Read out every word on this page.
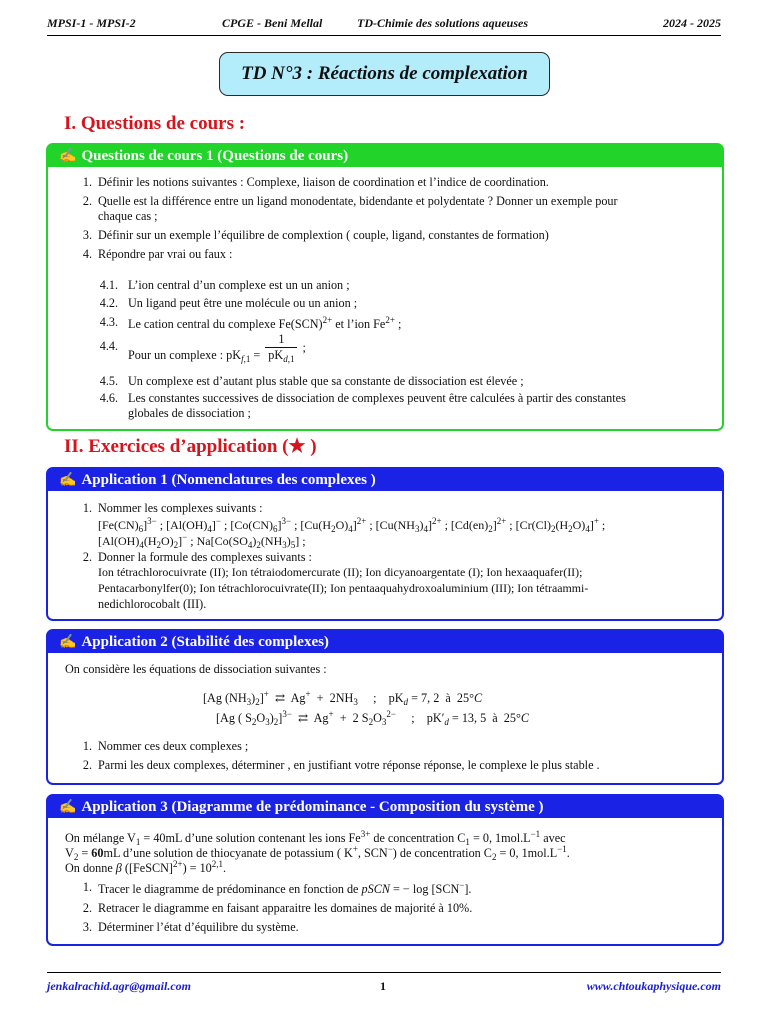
MPSI-1 - MPSI-2	CPGE - Beni Mellal	TD-Chimie des solutions aqueuses	2024 - 2025
TD N°3 : Réactions de complexation
I. Questions de cours :
✍ Questions de cours 1 (Questions de cours)
1. Définir les notions suivantes : Complexe, liaison de coordination et l’indice de coordination.
2. Quelle est la différence entre un ligand monodentate, bidendante et polydentate ? Donner un exemple pour
chaque cas ;
3. Définir sur un exemple l’équilibre de complextion ( couple, ligand, constantes de formation)
4. Répondre par vrai ou faux :
4.1. L’ion central d’un complexe est un un anion ;
4.2. Un ligand peut être une molécule ou un anion ;
4.3. Le cation central du complexe Fe(SCN)$^{2+}$ et l’ion $Fe^{2+}$ ;
4.4.
Pour un complexe : $pK_{f,1} = \frac{1}{pK_{d,1}}$ ;
4.5. Un complexe est d’autant plus stable que sa constante de dissociation est élevée ;
4.6. Les constantes successives de dissociation de complexes peuvent être calculées à partir des constantes
globales de dissociation ;
II. Exercices d’application (★ )
✍ Application 1 (Nomenclatures des complexes )
1. Nommer les complexes suivants :
$[Fe(CN)_6]^{3-}$ ; $[Al(OH)_4]^-$ ; $[Co(CN)_6]^{3-}$ ; $[Cu(H_2O)_4]^{2+}$ ; $[Cu(NH_3)_4]^{2+}$ ; $[Cd(en)_2]^{2+}$ ; $[Cr(Cl)_2(H_2O)_4]^+$ ;
$[Al(OH)_4(H_2O)_2]^-$ ; $Na[Co(SO_4)_2(NH_3)_5]$ ;
2. Donner la formule des complexes suivants :
Ion tétrachlorocuivrate (II); Ion tétraiodomercurate (II); Ion dicyanoargentate (I); Ion hexaaquafer(II);
Pentacarbonylfer(0); Ion tétrachlorocuivrate(II); Ion pentaaquahydroxoaluminium (III); Ion tétraammi-
nedichlorocobalt (III).
✍ Application 2 (Stabilité des complexes)
On considère les équations de dissociation suivantes :
[Ag $(NH_3)_2]^+$  ⇄  $Ag^+ + 2NH_3$     ;    $pK_d = 7$, 2  à  25°C
[Ag ( $S_2O_3)_2]^{3-}$  ⇄  Ag+  +  2 $S_2O_3^{2-}$     ;    $pK'_d = 13$, 5  à  25°C
1. Nommer ces deux complexes ;
2. Parmi les deux complexes, déterminer , en justifiant votre réponse réponse, le complexe le plus stable .
✍ Application 3 (Diagramme de prédominance - Composition du système )
On mélange $V_1 = 40mL$ d’une solution contenant les ions $Fe^{3+}$ de concentration $C_1 = 0$, $1mol.L^{-1}$ avec
$V_2 = 60mL$ d’une solution de thiocyanate de potassium ( K+, SCN−) de concentration $C_2 = 0$, $1mol.L^{-1}$.
On donne β ([FeSCN]$^{2+}$) = $10^{2,1}$.
1. Tracer le diagramme de prédominance en fonction de pSCN = − log [SCN−].
2. Retracer le diagramme en faisant apparaitre les domaines de majorité à 10%.
3. Déterminer l’état d’équilibre du système.
jenkalrachid.agr@gmail.com	1	www.chtoukaphysique.com
